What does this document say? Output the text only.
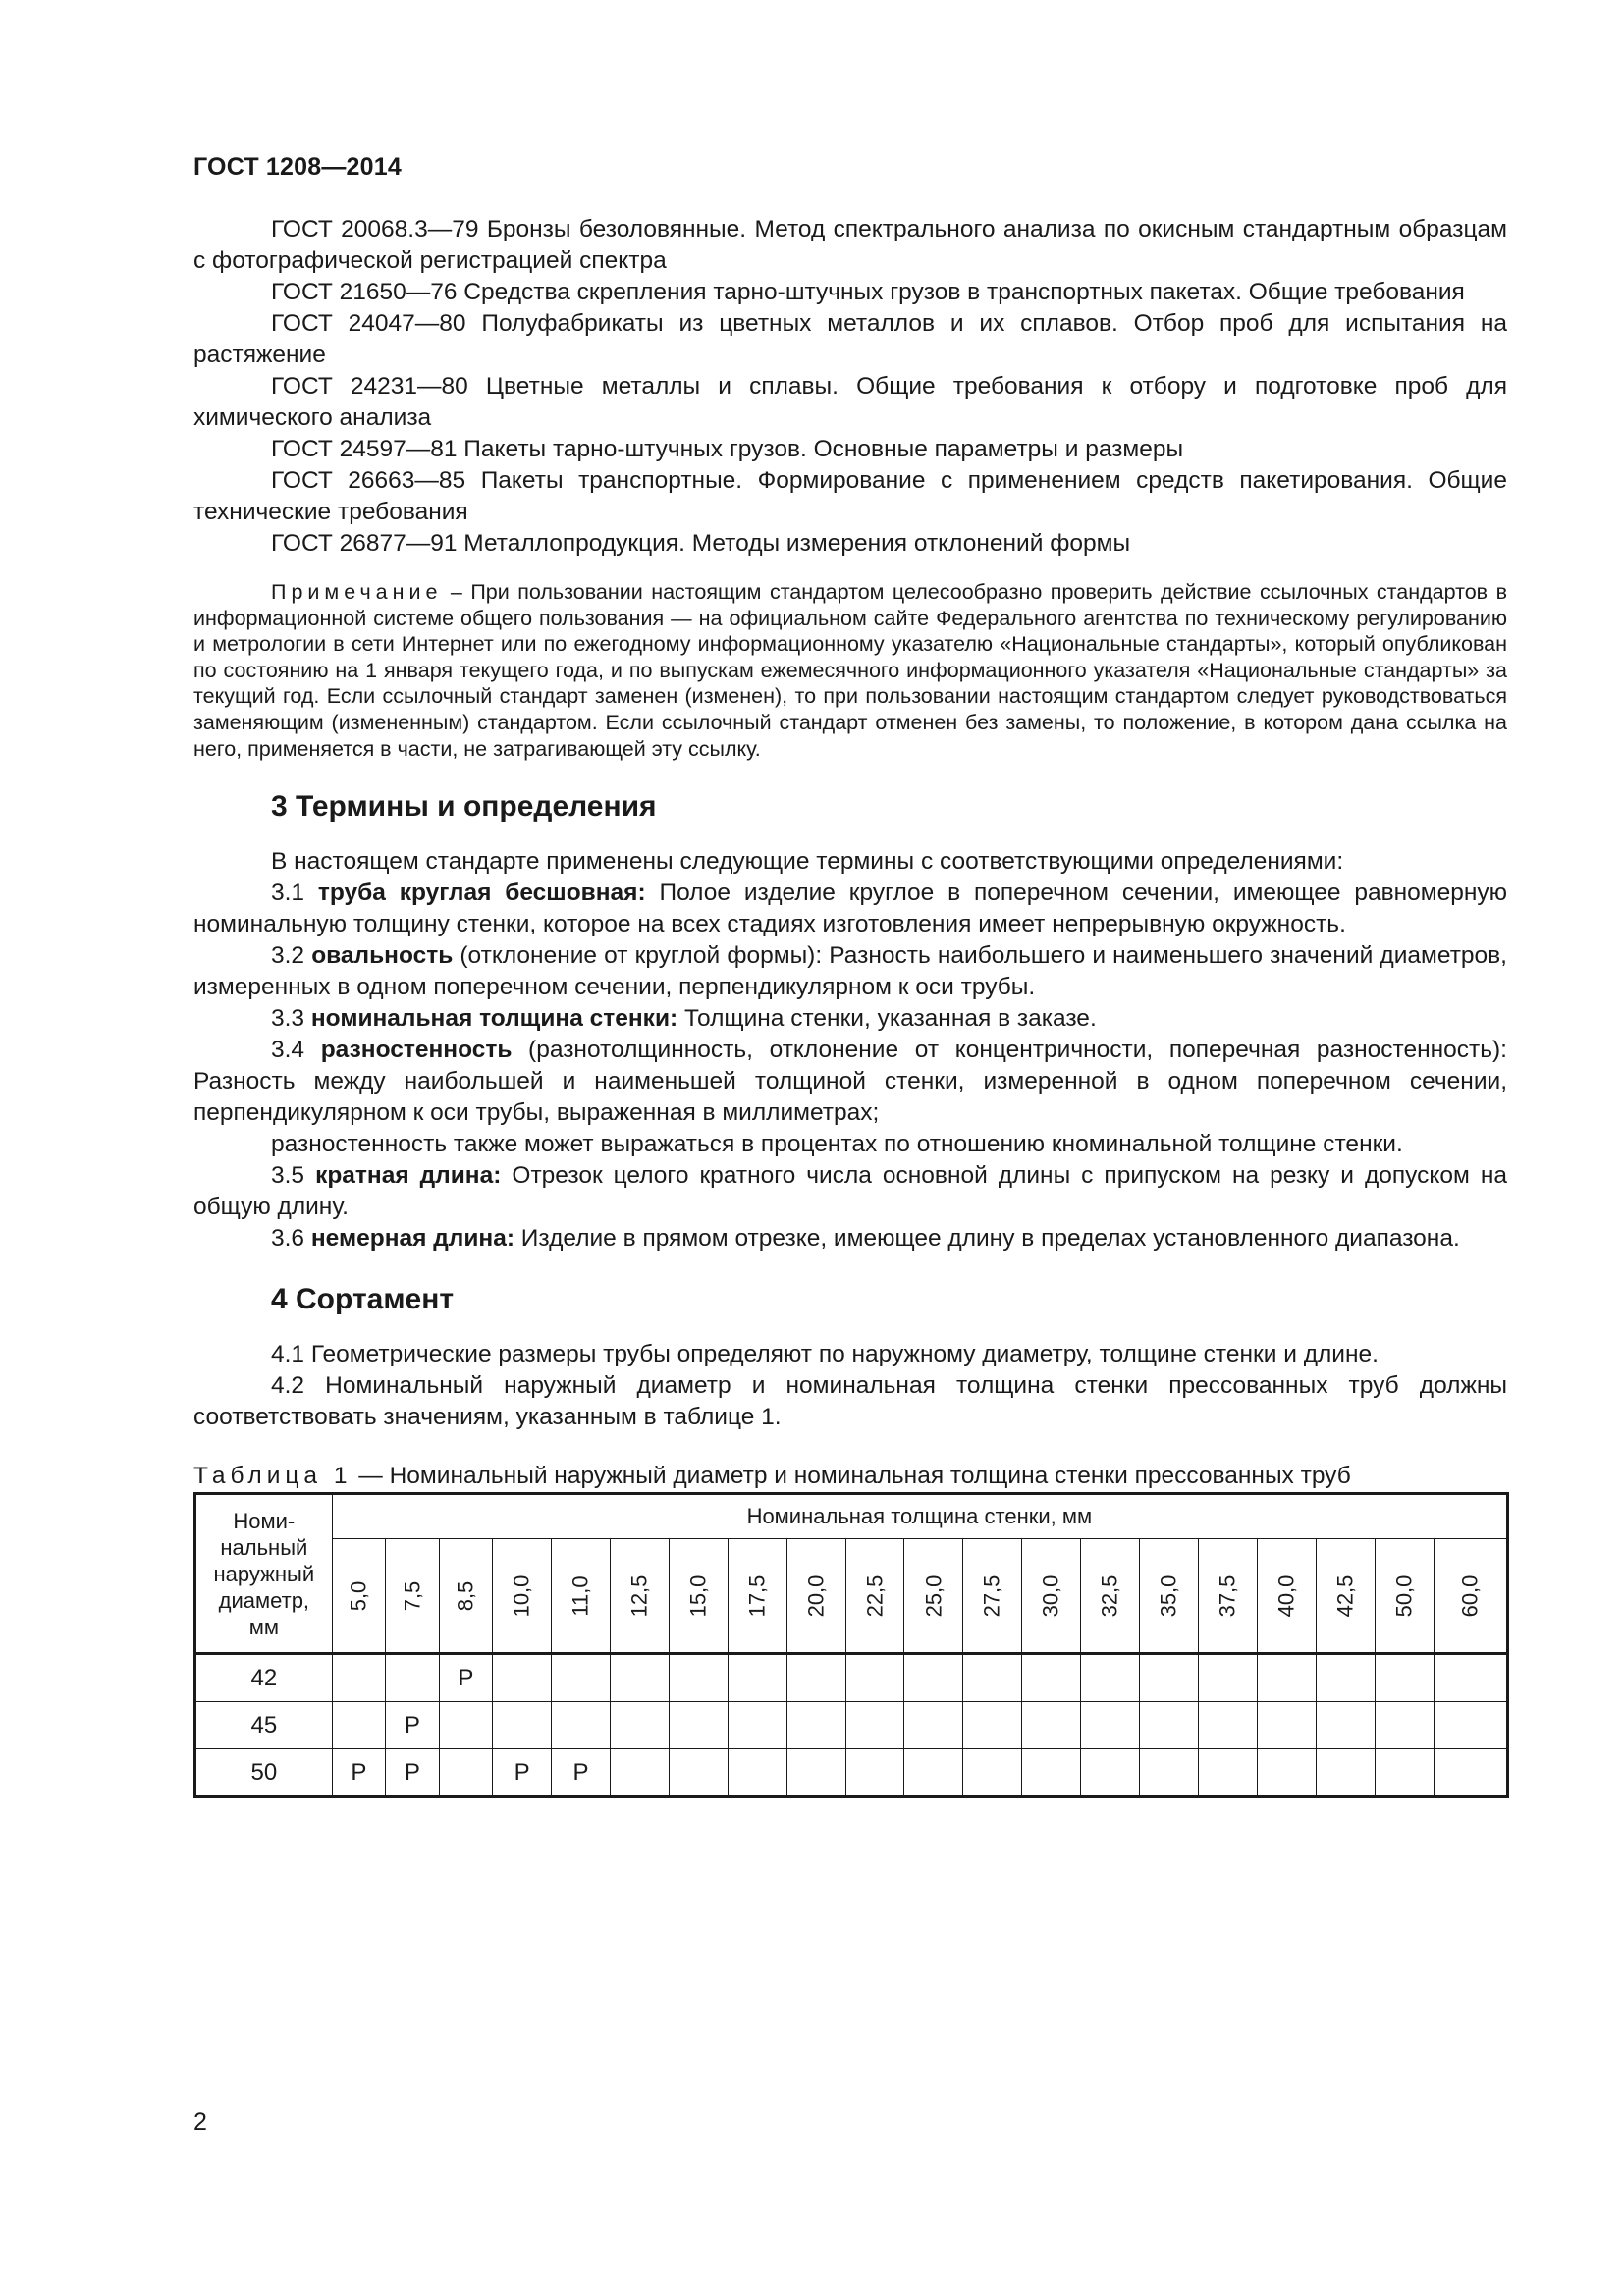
ГОСТ 1208—2014

ГОСТ 20068.3—79 Бронзы безоловянные. Метод спектрального анализа по окисным стандартным образцам с фотографической регистрацией спектра

ГОСТ 21650—76 Средства скрепления тарно-штучных грузов в транспортных пакетах. Общие требования

ГОСТ 24047—80 Полуфабрикаты из цветных металлов и их сплавов. Отбор проб для испытания на растяжение

ГОСТ 24231—80 Цветные металлы и сплавы. Общие требования к отбору и подготовке проб для химического анализа

ГОСТ 24597—81 Пакеты тарно-штучных грузов. Основные параметры и размеры

ГОСТ 26663—85 Пакеты транспортные. Формирование с применением средств пакетирования. Общие технические требования

ГОСТ 26877—91 Металлопродукция. Методы измерения отклонений формы

Примечание – При пользовании настоящим стандартом целесообразно проверить действие ссылочных стандартов в информационной системе общего пользования — на официальном сайте Федерального агентства по техническому регулированию и метрологии в сети Интернет или по ежегодному информационному указателю «Национальные стандарты», который опубликован по состоянию на 1 января текущего года, и по выпускам ежемесячного информационного указателя «Национальные стандарты» за текущий год. Если ссылочный стандарт заменен (изменен), то при пользовании настоящим стандартом следует руководствоваться заменяющим (измененным) стандартом. Если ссылочный стандарт отменен без замены, то положение, в котором дана ссылка на него, применяется в части, не затрагивающей эту ссылку.
3 Термины и определения

В настоящем стандарте применены следующие термины с соответствующими определениями:

3.1 труба круглая бесшовная: Полое изделие круглое в поперечном сечении, имеющее равномерную номинальную толщину стенки, которое на всех стадиях изготовления имеет непрерывную окружность.

3.2 овальность (отклонение от круглой формы): Разность наибольшего и наименьшего значений диаметров, измеренных в одном поперечном сечении, перпендикулярном к оси трубы.

3.3 номинальная толщина стенки: Толщина стенки, указанная в заказе.

3.4 разностенность (разнотолщинность, отклонение от концентричности, поперечная разностенность): Разность между наибольшей и наименьшей толщиной стенки, измеренной в одном поперечном сечении, перпендикулярном к оси трубы, выраженная в миллиметрах;

разностенность также может выражаться в процентах по отношению кноминальной толщине стенки.

3.5 кратная длина: Отрезок целого кратного числа основной длины с припуском на резку и допуском на общую длину.

3.6 немерная длина: Изделие в прямом отрезке, имеющее длину в пределах установленного диапазона.

4 Сортамент

4.1 Геометрические размеры трубы определяют по наружному диаметру, толщине стенки и длине.

4.2 Номинальный наружный диаметр и номинальная толщина стенки прессованных труб должны соответствовать значениям, указанным в таблице 1.

Таблица 1 — Номинальный наружный диаметр и номинальная толщина стенки прессованных труб
Номи-
нальный
наружный
диаметр,
мм	Номинальная толщина стенки, мм																			
	5,0	7,5	8,5	10,0	11,0	12,5	15,0	17,5	20,0	22,5	25,0	27,5	30,0	32,5	35,0	37,5	40,0	42,5	50,0	60,0
42			P																	
45		P																		
50	P	P		P	P															
2
